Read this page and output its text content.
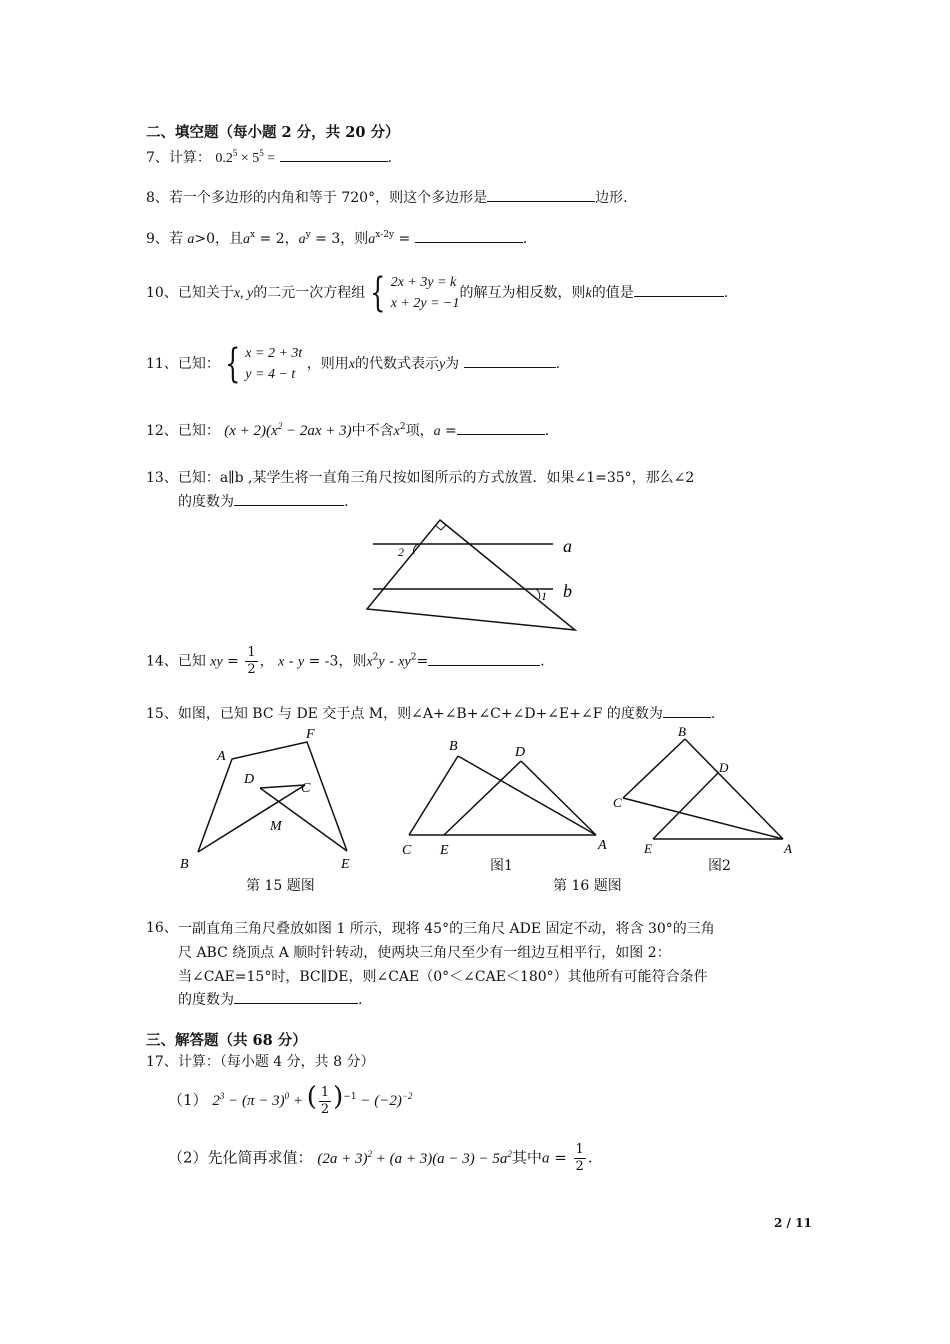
二、填空题（每小题 2 分，共 20 分）
7、计算： $0.2^5 \times 5^5$ =	.
8、若一个多边形的内角和等于 720°，则这个多边形是	边形.
9、若 a>0，且$a^x = 2$，$a^y = 3$，则$a^{x-2y}$ =	.
10、已知关于x, y的二元一次方程组 { 2x + 3y = k
x + 2y = −1
的解互为相反数，则k的值是	.
11、已知： { x = 2 + 3t
y = 4 − t
，则用x的代数式表示y为	.
12、已知： $(x + 2)(x^2 - 2ax + 3)$中不含$x^2$项，a =	.
13、已知：a∥b ,某学生将一直角三角尺按如图所示的方式放置．如果∠1=35°，那么∠2
的度数为	.
2
1
a
b
14、已知 xy = $\frac{1}{2}$ ， x - y = -3，则$x^2y - xy^2=$	.
15、如图，已知 BC 与 DE 交于点 M，则∠A+∠B+∠C+∠D+∠E+∠F 的度数为	.
A
F
D
C
M
B	E
B	D
C E	A
B
D
C
E	A
图1	图2
第 15 题图	第 16 题图
16、 一副直角三角尺叠放如图 1 所示，现将 45°的三角尺 ADE 固定不动，将含 30°的三角
尺 ABC 绕顶点 A 顺时针转动，使两块三角尺至少有一组边互相平行，如图 2：
当∠CAE=15°时，BC∥DE，则∠CAE（0°＜∠CAE＜180°）其他所有可能符合条件
的度数为	.
三、解答题（共 68 分）
17、计算：（每小题 4 分，共 8 分）
（1） $2^3 - (\pi - 3)^0$ + ( $\frac{1}{2} )^{-1} - (-2)^{-2}$
（2）先化简再求值： $(2a + 3)^2 + (a + 3)(a - 3) - 5a^2$其中$a = \frac{1}{2}$ .
2 / 11
